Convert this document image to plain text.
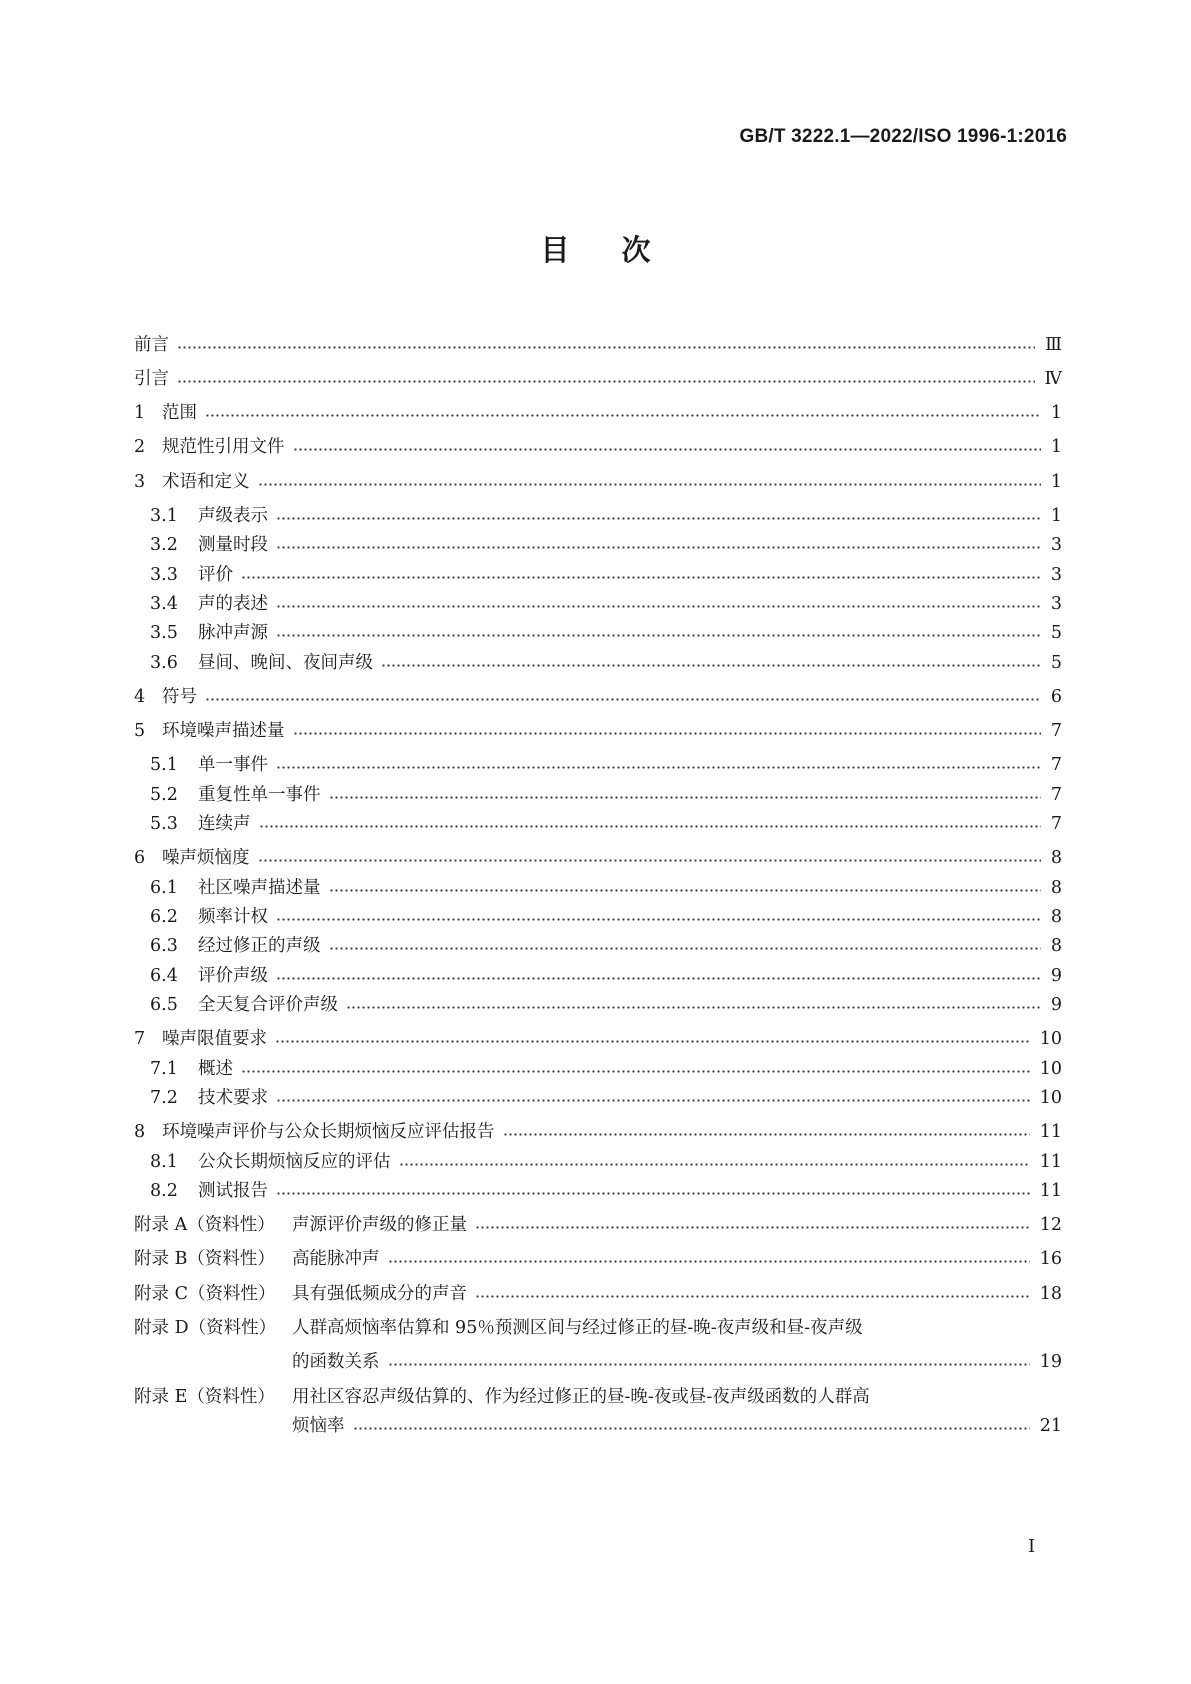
GB/T 3222.1—2022/ISO 1996-1:2016
目次
前言	Ⅲ
引言	Ⅳ
1 范围	1
2 规范性引用文件	1
3 术语和定义	1
3.1 声级表示	1
3.2 测量时段	3
3.3 评价	3
3.4 声的表述	3
3.5 脉冲声源	5
3.6 昼间、晚间、夜间声级	5
4 符号	6
5 环境噪声描述量	7
5.1 单一事件	7
5.2 重复性单一事件	7
5.3 连续声	7
6 噪声烦恼度	8
6.1 社区噪声描述量	8
6.2 频率计权	8
6.3 经过修正的声级	8
6.4 评价声级	9
6.5 全天复合评价声级	9
7 噪声限值要求	10
7.1 概述	10
7.2 技术要求	10
8 环境噪声评价与公众长期烦恼反应评估报告	11
8.1 公众长期烦恼反应的评估	11
8.2 测试报告	11
附录 A（资料性） 声源评价声级的修正量	12
附录 B（资料性） 高能脉冲声	16
附录 C（资料性） 具有强低频成分的声音	18
附录 D（资料性） 人群高烦恼率估算和 95％预测区间与经过修正的昼-晚-夜声级和昼-夜声级
的函数关系	19
附录 E（资料性） 用社区容忍声级估算的、作为经过修正的昼-晚-夜或昼-夜声级函数的人群高
烦恼率	21
I
